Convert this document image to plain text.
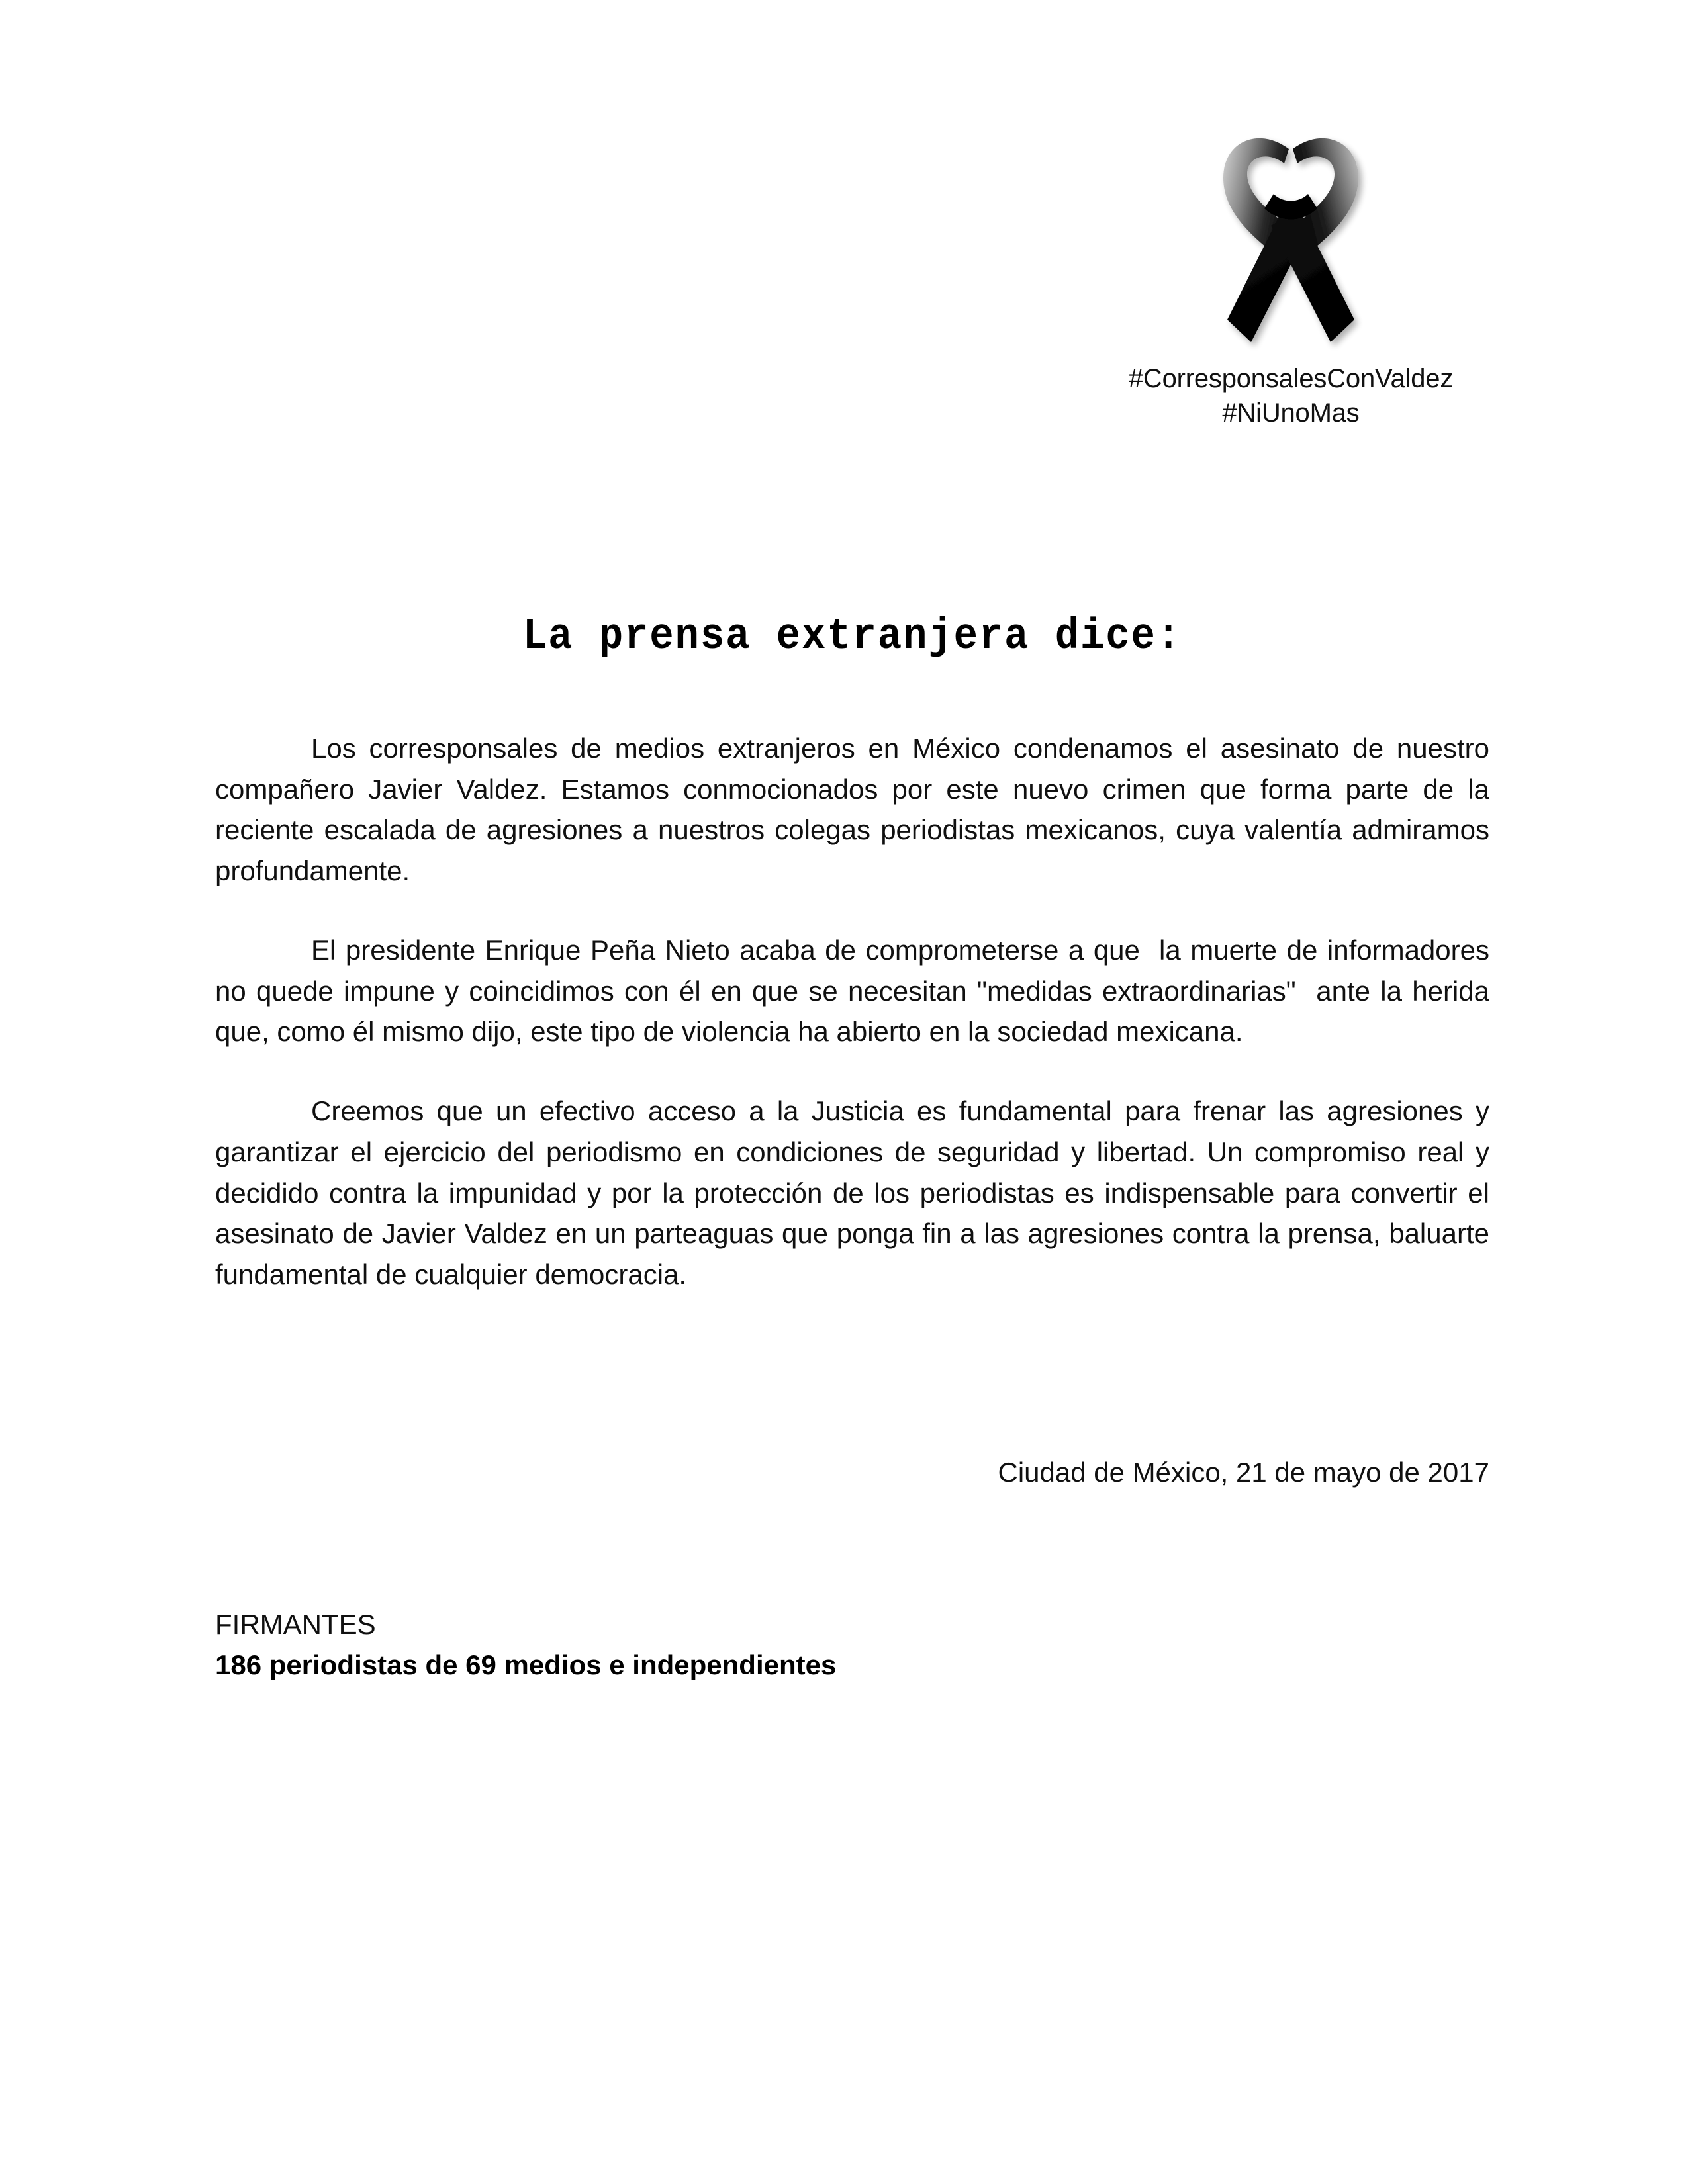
#CorresponsalesConValdez
#NiUnoMas
La prensa extranjera dice:

Los corresponsales de medios extranjeros en México condenamos el asesinato de nuestro compañero Javier Valdez. Estamos conmocionados por este nuevo crimen que forma parte de la reciente escalada de agresiones a nuestros colegas periodistas mexicanos, cuya valentía admiramos profundamente.

El presidente Enrique Peña Nieto acaba de comprometerse a que  la muerte de informadores no quede impune y coincidimos con él en que se necesitan "medidas extraordinarias"  ante la herida que, como él mismo dijo, este tipo de violencia ha abierto en la sociedad mexicana.

Creemos que un efectivo acceso a la Justicia es fundamental para frenar las agresiones y garantizar el ejercicio del periodismo en condiciones de seguridad y libertad. Un compromiso real y decidido contra la impunidad y por la protección de los periodistas es indispensable para convertir el asesinato de Javier Valdez en un parteaguas que ponga fin a las agresiones contra la prensa, baluarte fundamental de cualquier democracia.

Ciudad de México, 21 de mayo de 2017
FIRMANTES
186 periodistas de 69 medios e independientes
